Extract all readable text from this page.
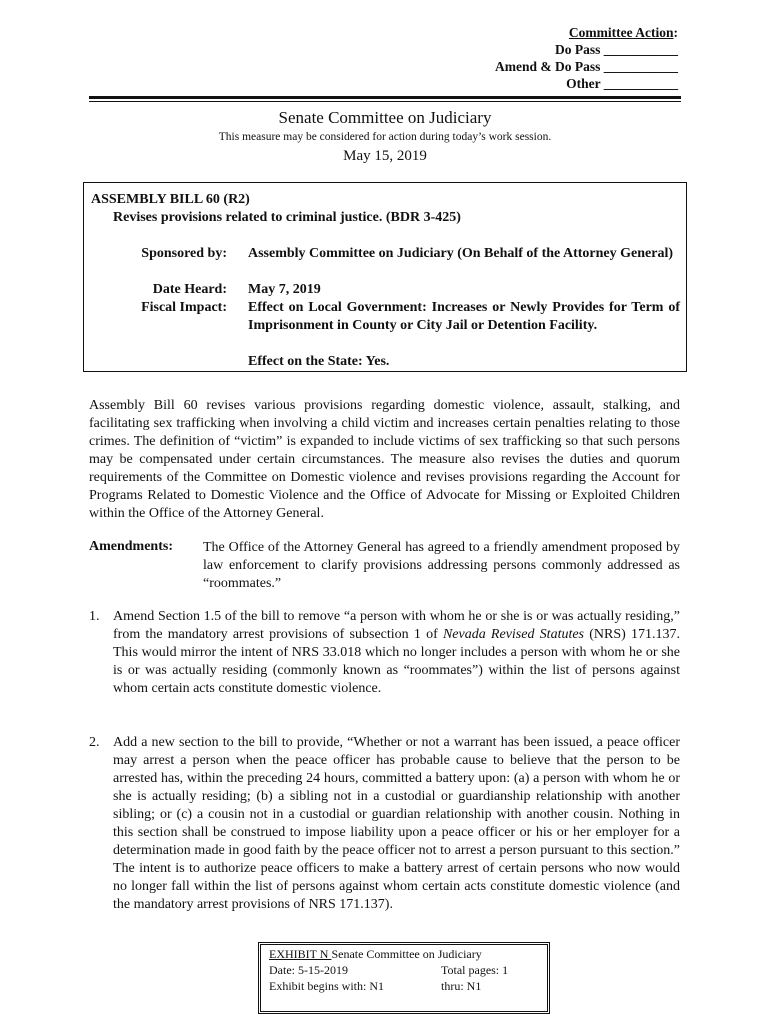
Committee Action:
Do Pass ___________
Amend & Do Pass ___________
Other ___________
Senate Committee on Judiciary
This measure may be considered for action during today’s work session.
May 15, 2019
ASSEMBLY BILL 60 (R2)
Revises provisions related to criminal justice. (BDR 3-425)
Sponsored by: Assembly Committee on Judiciary (On Behalf of the Attorney General)
Date Heard: May 7, 2019
Fiscal Impact: Effect on Local Government: Increases or Newly Provides for Term of Imprisonment in County or City Jail or Detention Facility.
Effect on the State: Yes.
Assembly Bill 60 revises various provisions regarding domestic violence, assault, stalking, and facilitating sex trafficking when involving a child victim and increases certain penalties relating to those crimes. The definition of “victim” is expanded to include victims of sex trafficking so that such persons may be compensated under certain circumstances. The measure also revises the duties and quorum requirements of the Committee on Domestic violence and revises provisions regarding the Account for Programs Related to Domestic Violence and the Office of Advocate for Missing or Exploited Children within the Office of the Attorney General.
Amendments: The Office of the Attorney General has agreed to a friendly amendment proposed by law enforcement to clarify provisions addressing persons commonly addressed as “roommates.”
1. Amend Section 1.5 of the bill to remove “a person with whom he or she is or was actually residing,” from the mandatory arrest provisions of subsection 1 of Nevada Revised Statutes (NRS) 171.137. This would mirror the intent of NRS 33.018 which no longer includes a person with whom he or she is or was actually residing (commonly known as “roommates”) within the list of persons against whom certain acts constitute domestic violence.
2. Add a new section to the bill to provide, “Whether or not a warrant has been issued, a peace officer may arrest a person when the peace officer has probable cause to believe that the person to be arrested has, within the preceding 24 hours, committed a battery upon: (a) a person with whom he or she is actually residing; (b) a sibling not in a custodial or guardianship relationship with another sibling; or (c) a cousin not in a custodial or guardian relationship with another cousin. Nothing in this section shall be construed to impose liability upon a peace officer or his or her employer for a determination made in good faith by the peace officer not to arrest a person pursuant to this section.” The intent is to authorize peace officers to make a battery arrest of certain persons who now would no longer fall within the list of persons against whom certain acts constitute domestic violence (and the mandatory arrest provisions of NRS 171.137).
EXHIBIT N Senate Committee on Judiciary
Date: 5-15-2019	Total pages: 1
Exhibit begins with: N1	thru: N1
